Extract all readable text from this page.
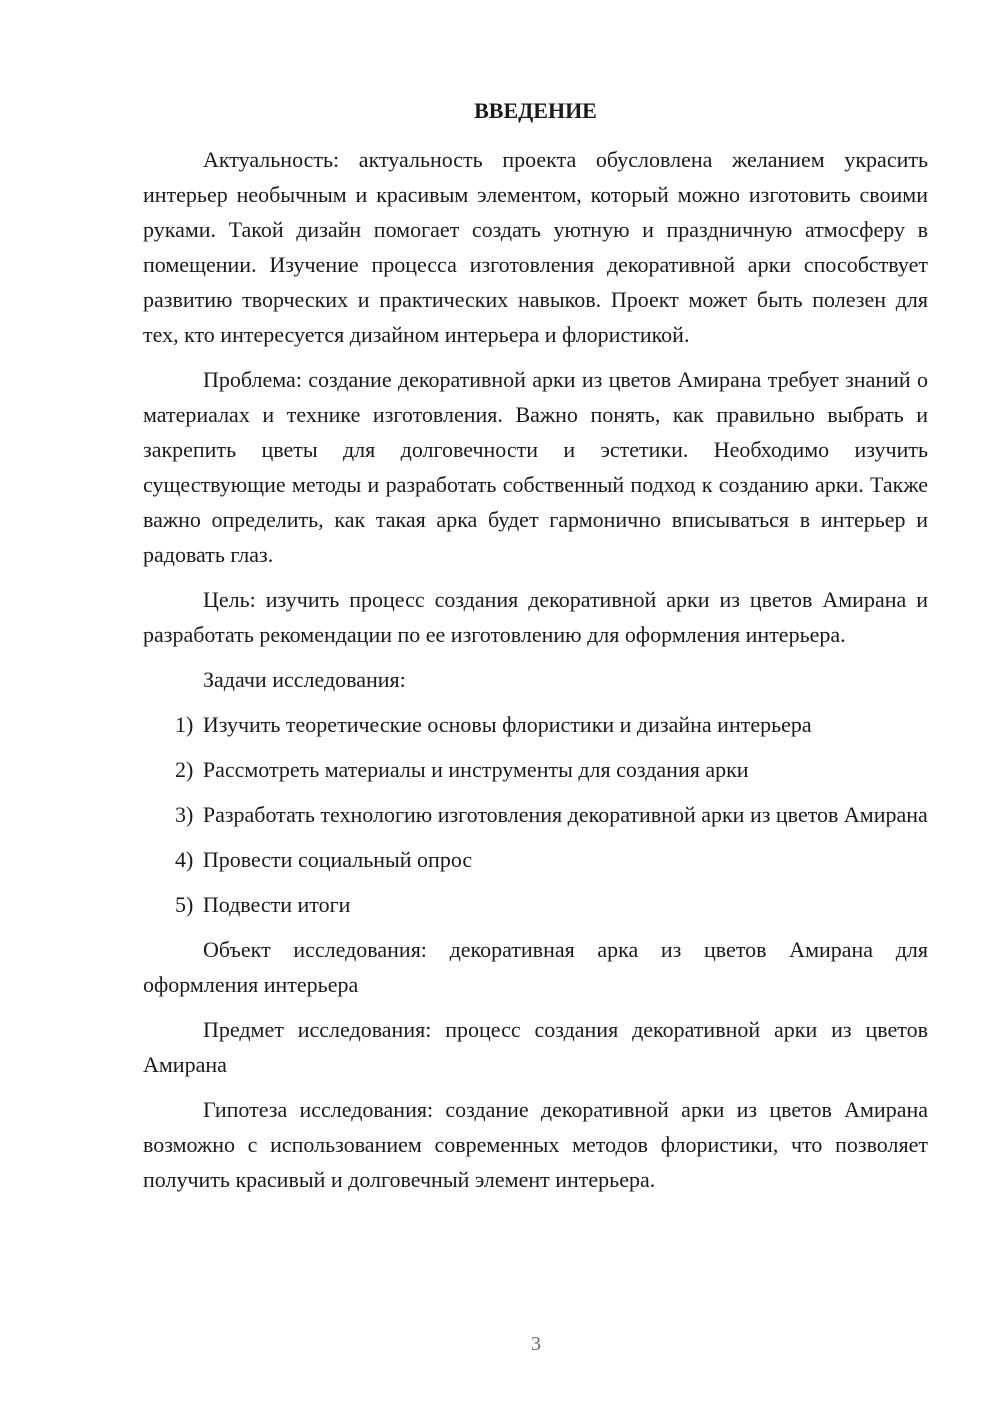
ВВЕДЕНИЕ

Актуальность: актуальность проекта обусловлена желанием украсить интерьер необычным и красивым элементом, который можно изготовить своими руками. Такой дизайн помогает создать уютную и праздничную атмосферу в помещении. Изучение процесса изготовления декоративной арки способствует развитию творческих и практических навыков. Проект может быть полезен для тех, кто интересуется дизайном интерьера и флористикой.

Проблема: создание декоративной арки из цветов Амирана требует знаний о материалах и технике изготовления. Важно понять, как правильно выбрать и закрепить цветы для долговечности и эстетики. Необходимо изучить существующие методы и разработать собственный подход к созданию арки. Также важно определить, как такая арка будет гармонично вписываться в интерьер и радовать глаз.

Цель: изучить процесс создания декоративной арки из цветов Амирана и разработать рекомендации по ее изготовлению для оформления интерьера.

Задачи исследования:

1) Изучить теоретические основы флористики и дизайна интерьера

2) Рассмотреть материалы и инструменты для создания арки

3) Разработать технологию изготовления декоративной арки из цветов Амирана

4) Провести социальный опрос

5) Подвести итоги

Объект исследования: декоративная арка из цветов Амирана для оформления интерьера

Предмет исследования: процесс создания декоративной арки из цветов Амирана

Гипотеза исследования: создание декоративной арки из цветов Амирана возможно с использованием современных методов флористики, что позволяет получить красивый и долговечный элемент интерьера.

3
